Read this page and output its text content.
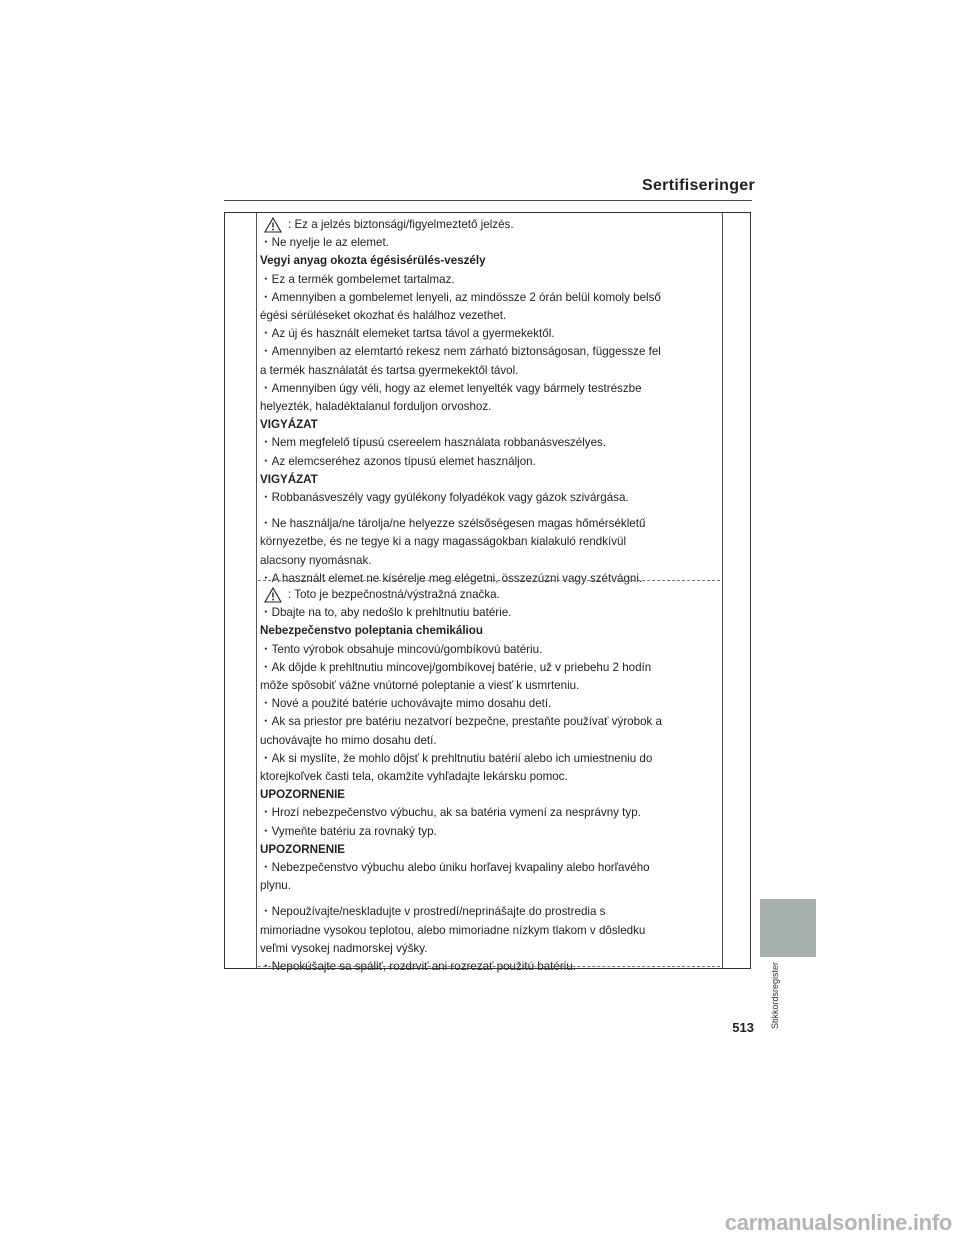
Sertifiseringer
: Ez a jelzés biztonsági/figyelmeztető jelzés.
・ Ne nyelje le az elemet.
Vegyi anyag okozta égésisérülés-veszély
・ Ez a termék gombelemet tartalmaz.
・ Amennyiben a gombelemet lenyeli, az mindössze 2 órán belül komoly belső
égési sérüléseket okozhat és halálhoz vezethet.
・ Az új és használt elemeket tartsa távol a gyermekektől.
・ Amennyiben az elemtartó rekesz nem zárható biztonságosan, függessze fel
a termék használatát és tartsa gyermekektől távol.
・ Amennyiben úgy véli, hogy az elemet lenyelték vagy bármely testrészbe
helyezték, haladéktalanul forduljon orvoshoz.
VIGYÁZAT
・ Nem megfelelő típusú csereelem használata robbanásveszélyes.
・ Az elemcseréhez azonos típusú elemet használjon.
VIGYÁZAT
・ Robbanásveszély vagy gyúlékony folyadékok vagy gázok szivárgása.
・ Ne használja/ne tárolja/ne helyezze szélsőségesen magas hőmérsékletű
környezetbe, és ne tegye ki a nagy magasságokban kialakuló rendkívül
alacsony nyomásnak.
・ A használt elemet ne kísérelje meg elégetni, összezúzni vagy szétvágni.
: Toto je bezpečnostná/výstražná značka.
・ Dbajte na to, aby nedošlo k prehltnutiu batérie.
Nebezpečenstvo poleptania chemikáliou
・ Tento výrobok obsahuje mincovú/gombíkovú batériu.
・ Ak dôjde k prehltnutiu mincovej/gombíkovej batérie, už v priebehu 2 hodín
môže spôsobiť vážne vnútorné poleptanie a viesť k usmrteniu.
・ Nové a použité batérie uchovávajte mimo dosahu detí.
・ Ak sa priestor pre batériu nezatvorí bezpečne, prestaňte používať výrobok a
uchovávajte ho mimo dosahu detí.
・ Ak si myslíte, že mohlo dôjsť k prehltnutiu batérií alebo ich umiestneniu do
ktorejkoľvek časti tela, okamžite vyhľadajte lekársku pomoc.
UPOZORNENIE
・ Hrozí nebezpečenstvo výbuchu, ak sa batéria vymení za nesprávny typ.
・ Vymeňte batériu za rovnaký typ.
UPOZORNENIE
・ Nebezpečenstvo výbuchu alebo úniku horľavej kvapaliny alebo horľavého
plynu.
・ Nepoužívajte/neskladujte v prostredí/neprinášajte do prostredia s
mimoriadne vysokou teplotou, alebo mimoriadne nízkym tlakom v dôsledku
veľmi vysokej nadmorskej výšky.
・ Nepokúšajte sa spáliť, rozdrviť ani rozrezať použitú batériu.	Stikkordsregister
513
carmanualsonline.info
